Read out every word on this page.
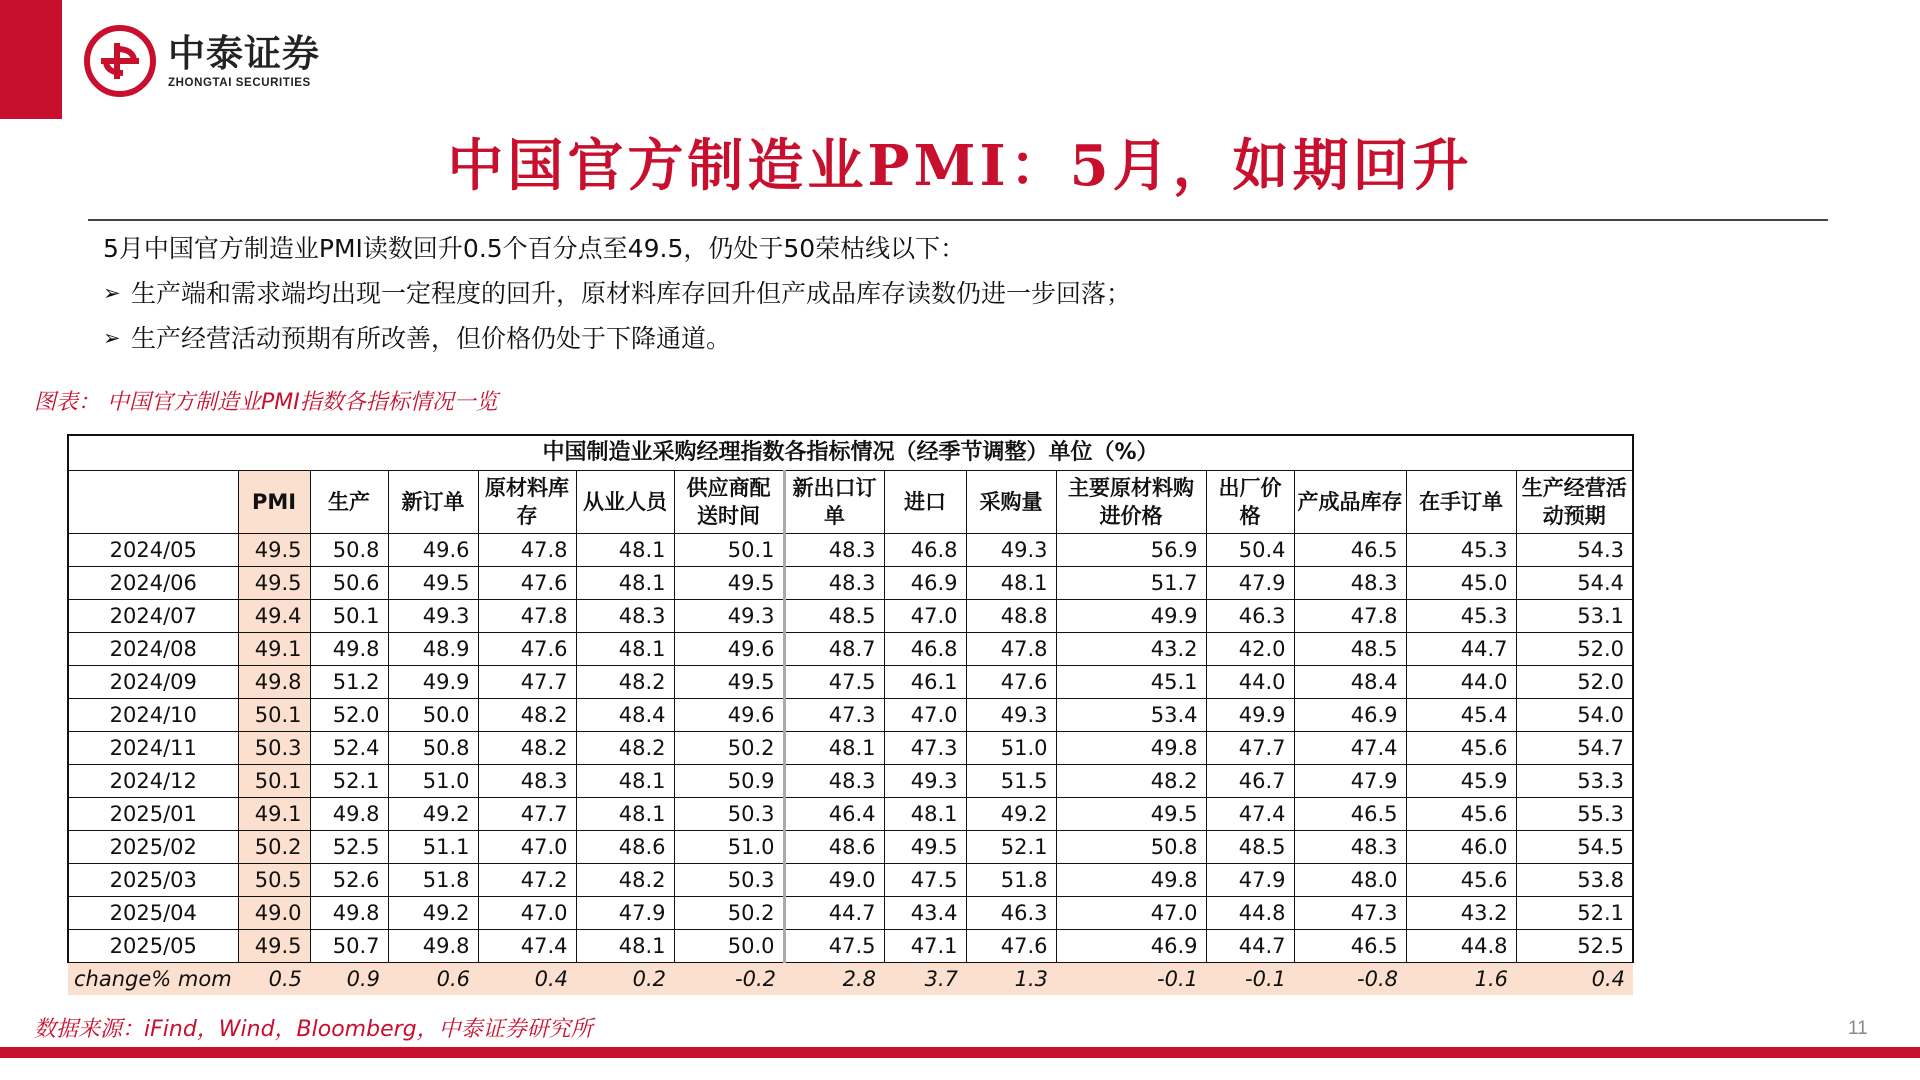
中泰证券
ZHONGTAI SECURITIES
中国官方制造业PMI：5月，如期回升
5月中国官方制造业PMI读数回升0.5个百分点至49.5，仍处于50荣枯线以下：
➢ 生产端和需求端均出现一定程度的回升，原材料库存回升但产成品库存读数仍进一步回落；
➢ 生产经营活动预期有所改善，但价格仍处于下降通道。
图表： 中国官方制造业PMI指数各指标情况一览
中国制造业采购经理指数各指标情况（经季节调整）单位（%）
	PMI	生产	新订单	原材料库存	从业人员	供应商配送时间	新出口订单	进口	采购量	主要原材料购进价格	出厂价格	产成品库存	在手订单	生产经营活动预期
2024/05	49.5	50.8	49.6	47.8	48.1	50.1	48.3	46.8	49.3	56.9	50.4	46.5	45.3	54.3
2024/06	49.5	50.6	49.5	47.6	48.1	49.5	48.3	46.9	48.1	51.7	47.9	48.3	45.0	54.4
2024/07	49.4	50.1	49.3	47.8	48.3	49.3	48.5	47.0	48.8	49.9	46.3	47.8	45.3	53.1
2024/08	49.1	49.8	48.9	47.6	48.1	49.6	48.7	46.8	47.8	43.2	42.0	48.5	44.7	52.0
2024/09	49.8	51.2	49.9	47.7	48.2	49.5	47.5	46.1	47.6	45.1	44.0	48.4	44.0	52.0
2024/10	50.1	52.0	50.0	48.2	48.4	49.6	47.3	47.0	49.3	53.4	49.9	46.9	45.4	54.0
2024/11	50.3	52.4	50.8	48.2	48.2	50.2	48.1	47.3	51.0	49.8	47.7	47.4	45.6	54.7
2024/12	50.1	52.1	51.0	48.3	48.1	50.9	48.3	49.3	51.5	48.2	46.7	47.9	45.9	53.3
2025/01	49.1	49.8	49.2	47.7	48.1	50.3	46.4	48.1	49.2	49.5	47.4	46.5	45.6	55.3
2025/02	50.2	52.5	51.1	47.0	48.6	51.0	48.6	49.5	52.1	50.8	48.5	48.3	46.0	54.5
2025/03	50.5	52.6	51.8	47.2	48.2	50.3	49.0	47.5	51.8	49.8	47.9	48.0	45.6	53.8
2025/04	49.0	49.8	49.2	47.0	47.9	50.2	44.7	43.4	46.3	47.0	44.8	47.3	43.2	52.1
2025/05	49.5	50.7	49.8	47.4	48.1	50.0	47.5	47.1	47.6	46.9	44.7	46.5	44.8	52.5
change% mom	0.5	0.9	0.6	0.4	0.2	-0.2	2.8	3.7	1.3	-0.1	-0.1	-0.8	1.6	0.4
数据来源：iFind，Wind，Bloomberg，中泰证券研究所	11
